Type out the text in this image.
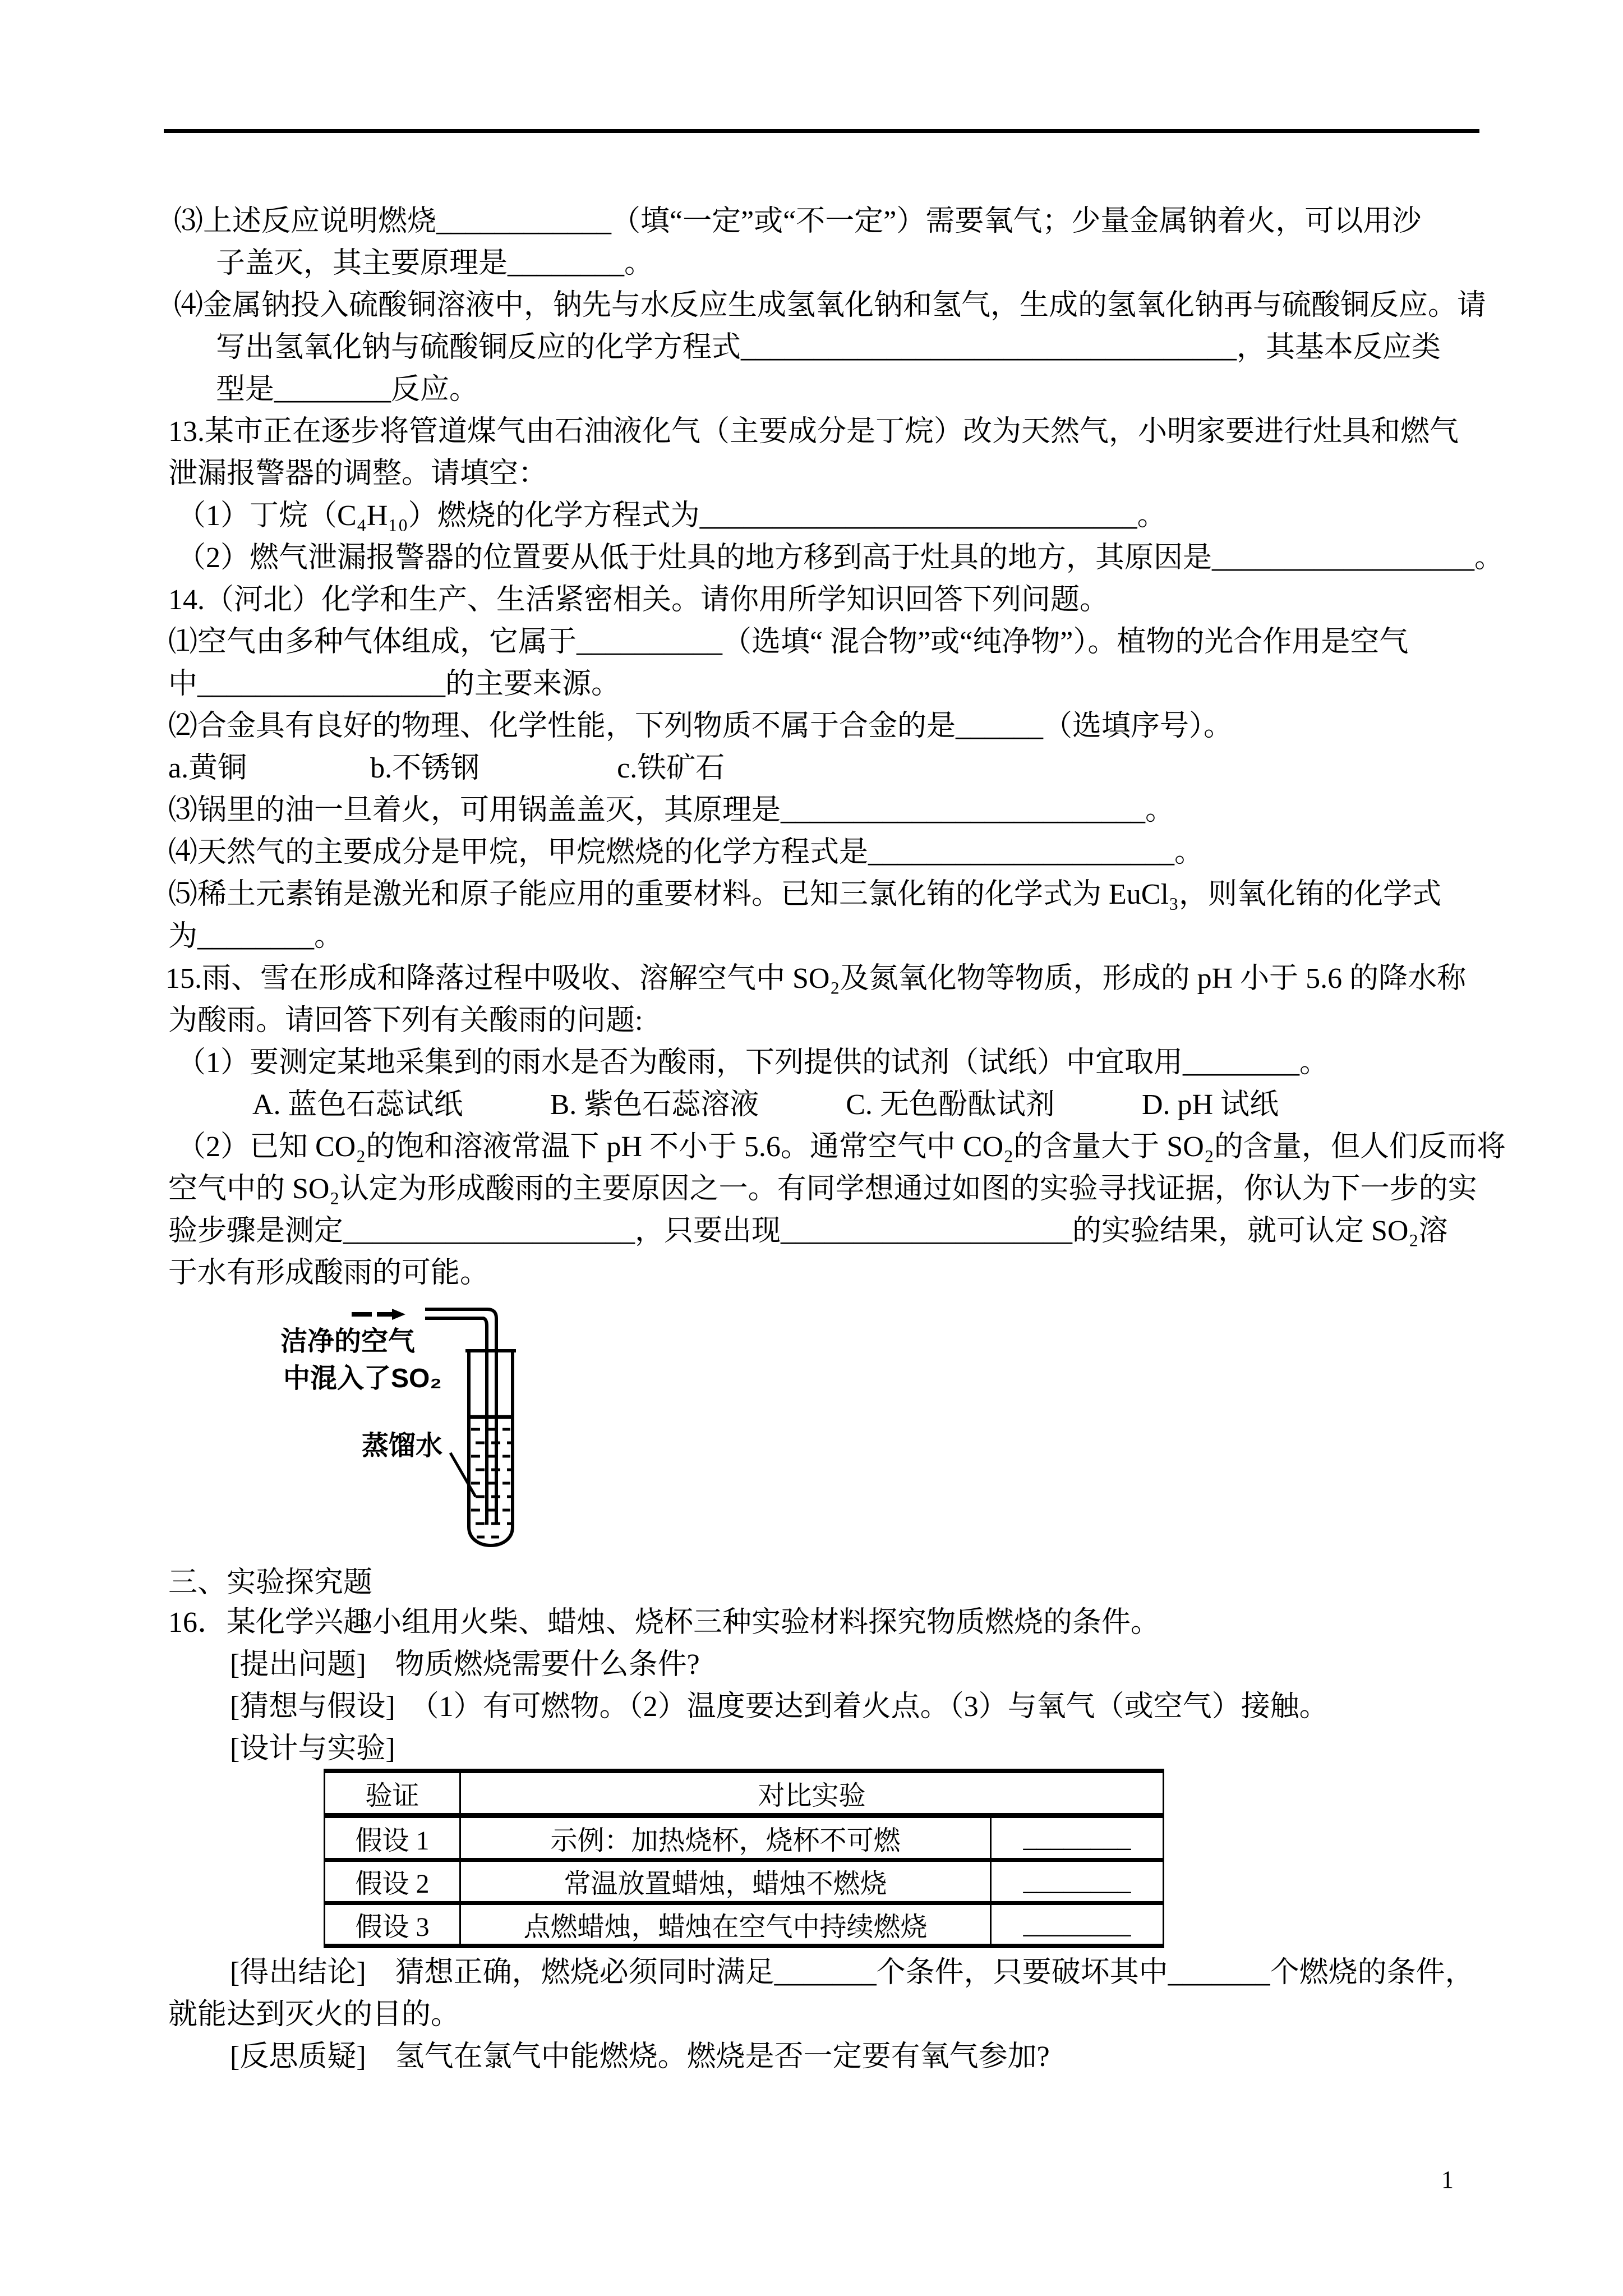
⑶上述反应说明燃烧____________（填“一定”或“不一定”）需要氧气；少量金属钠着火，可以用沙
子盖灭，其主要原理是________。
⑷金属钠投入硫酸铜溶液中，钠先与水反应生成氢氧化钠和氢气，生成的氢氧化钠再与硫酸铜反应。请
写出氢氧化钠与硫酸铜反应的化学方程式__________________________________，其基本反应类
型是________反应。
13.某市正在逐步将管道煤气由石油液化气（主要成分是丁烷）改为天然气，小明家要进行灶具和燃气
泄漏报警器的调整。请填空：
（1）丁烷（C₄H₁₀）燃烧的化学方程式为______________________________。
（2）燃气泄漏报警器的位置要从低于灶具的地方移到高于灶具的地方，其原因是__________________。
14.（河北）化学和生产、生活紧密相关。请你用所学知识回答下列问题。
⑴空气由多种气体组成，它属于__________（选填“ 混合物”或“纯净物”）。植物的光合作用是空气
中_________________的主要来源。
⑵合金具有良好的物理、化学性能，下列物质不属于合金的是______（选填序号）。
a.黄铜	b.不锈钢	c.铁矿石
⑶锅里的油一旦着火，可用锅盖盖灭，其原理是_________________________。
⑷天然气的主要成分是甲烷，甲烷燃烧的化学方程式是_____________________。
⑸稀土元素铕是激光和原子能应用的重要材料。已知三氯化铕的化学式为 EuCl₃，则氧化铕的化学式
为________。
15.雨、雪在形成和降落过程中吸收、溶解空气中 SO₂及氮氧化物等物质，形成的 pH 小于 5.6 的降水称
为酸雨。请回答下列有关酸雨的问题:
（1）要测定某地采集到的雨水是否为酸雨，下列提供的试剂（试纸）中宜取用________。
A. 蓝色石蕊试纸	B. 紫色石蕊溶液	C. 无色酚酞试剂	D. pH 试纸
（2）已知 CO₂的饱和溶液常温下 pH 不小于 5.6。通常空气中 CO₂的含量大于 SO₂的含量，但人们反而将
空气中的 SO₂认定为形成酸雨的主要原因之一。有同学想通过如图的实验寻找证据，你认为下一步的实
验步骤是测定____________________，只要出现____________________的实验结果，就可认定 SO₂溶
于水有形成酸雨的可能。
洁净的空气
中混入了SO₂
蒸馏水
三、实验探究题
16．某化学兴趣小组用火柴、蜡烛、烧杯三种实验材料探究物质燃烧的条件。
[提出问题]　物质燃烧需要什么条件?
[猜想与假设]　（1）有可燃物。（2）温度要达到着火点。（3）与氧气（或空气）接触。
[设计与实验]
验证	对比实验	
假设 1	示例：加热烧杯，烧杯不可燃	________
假设 2	常温放置蜡烛，蜡烛不燃烧	________
假设 3	点燃蜡烛，蜡烛在空气中持续燃烧	________
[得出结论]　猜想正确，燃烧必须同时满足_______个条件，只要破坏其中_______个燃烧的条件，
就能达到灭火的目的。
[反思质疑]　氢气在氯气中能燃烧。燃烧是否一定要有氧气参加?
1
